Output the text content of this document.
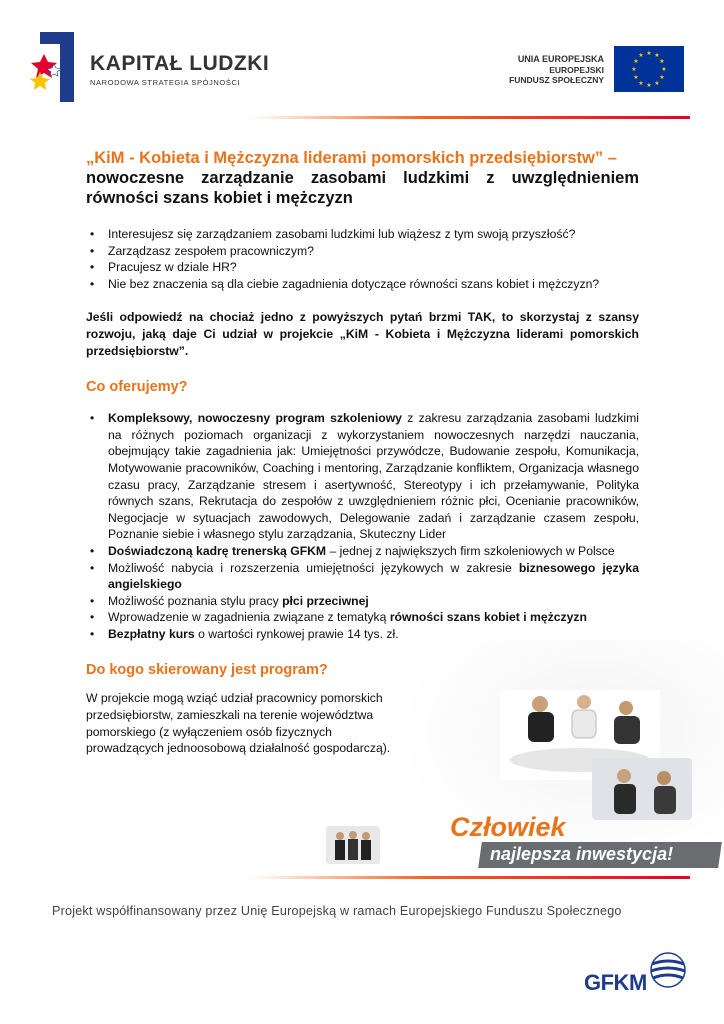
KAPITAŁ LUDZKI
NARODOWA STRATEGIA SPÓJNOŚCI
UNIA EUROPEJSKA
EUROPEJSKI
FUNDUSZ SPOŁECZNY
★ ★
★
★
★
★
★
★
★
★
★
★
„KiM - Kobieta i Mężczyzna liderami pomorskich przedsiębiorstw” –
nowoczesne zarządzanie zasobami ludzkimi z uwzględnieniem równości szans kobiet i mężczyzn
• Interesujesz się zarządzaniem zasobami ludzkimi lub wiążesz z tym swoją przyszłość?
• Zarządzasz zespołem pracowniczym?
• Pracujesz w dziale HR?
• Nie bez znaczenia są dla ciebie zagadnienia dotyczące równości szans kobiet i mężczyzn?
Jeśli odpowiedź na chociaż jedno z powyższych pytań brzmi TAK, to skorzystaj z szansy rozwoju, jaką daje Ci udział w projekcie „KiM - Kobieta i Mężczyzna liderami pomorskich przedsiębiorstw”.
Co oferujemy?
• Kompleksowy, nowoczesny program szkoleniowy z zakresu zarządzania zasobami ludzkimi na różnych poziomach organizacji z wykorzystaniem nowoczesnych narzędzi nauczania, obejmujący takie zagadnienia jak: Umiejętności przywódcze, Budowanie zespołu, Komunikacja, Motywowanie pracowników, Coaching i mentoring, Zarządzanie konfliktem, Organizacja własnego czasu pracy, Zarządzanie stresem i asertywność, Stereotypy i ich przełamywanie, Polityka równych szans, Rekrutacja do zespołów z uwzględnieniem różnic płci, Ocenianie pracowników, Negocjacje w sytuacjach zawodowych, Delegowanie zadań i zarządzanie czasem zespołu, Poznanie siebie i własnego stylu zarządzania, Skuteczny Lider
• Doświadczoną kadrę trenerską GFKM – jednej z największych firm szkoleniowych w Polsce
• Możliwość nabycia i rozszerzenia umiejętności językowych w zakresie biznesowego języka angielskiego
• Możliwość poznania stylu pracy płci przeciwnej
• Wprowadzenie w zagadnienia związane z tematyką równości szans kobiet i mężczyzn
• Bezpłatny kurs o wartości rynkowej prawie 14 tys. zł.
Do kogo skierowany jest program?
W projekcie mogą wziąć udział pracownicy pomorskich przedsiębiorstw, zamieszkali na terenie województwa pomorskiego (z wyłączeniem osób fizycznych prowadzących jednoosobową działalność gospodarczą).
Człowiek
najlepsza inwestycja!
Projekt współfinansowany przez Unię Europejską w ramach Europejskiego Funduszu Społecznego
GFKM
